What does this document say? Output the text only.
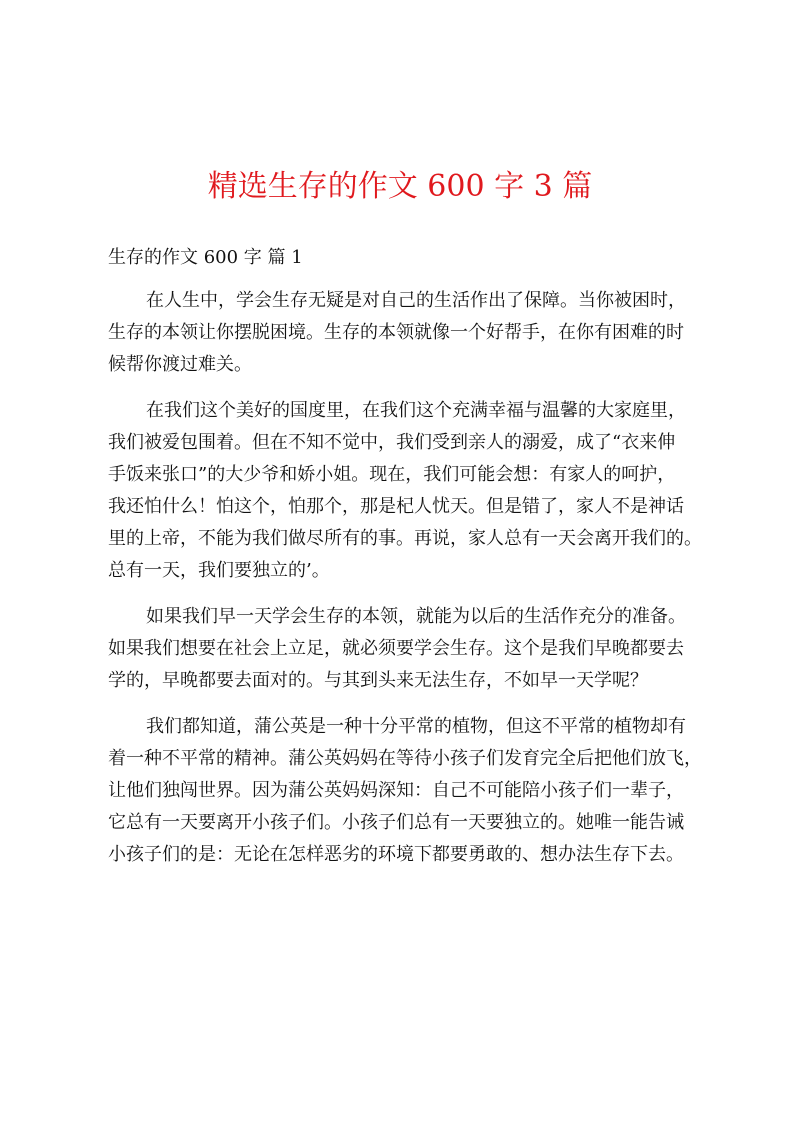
精选生存的作文 600 字 3 篇
生存的作文 600 字 篇 1
在人生中，学会生存无疑是对自己的生活作出了保障。当你被困时，
生存的本领让你摆脱困境。生存的本领就像一个好帮手，在你有困难的时
候帮你渡过难关。
在我们这个美好的国度里，在我们这个充满幸福与温馨的大家庭里，
我们被爱包围着。但在不知不觉中，我们受到亲人的溺爱，成了“衣来伸
手饭来张口”的大少爷和娇小姐。现在，我们可能会想：有家人的呵护，
我还怕什么！怕这个，怕那个，那是杞人忧天。但是错了，家人不是神话
里的上帝，不能为我们做尽所有的事。再说，家人总有一天会离开我们的。
总有一天，我们要独立的’。
如果我们早一天学会生存的本领，就能为以后的生活作充分的准备。
如果我们想要在社会上立足，就必须要学会生存。这个是我们早晚都要去
学的，早晚都要去面对的。与其到头来无法生存，不如早一天学呢？
我们都知道，蒲公英是一种十分平常的植物，但这不平常的植物却有
着一种不平常的精神。蒲公英妈妈在等待小孩子们发育完全后把他们放飞，
让他们独闯世界。因为蒲公英妈妈深知：自己不可能陪小孩子们一辈子，
它总有一天要离开小孩子们。小孩子们总有一天要独立的。她唯一能告诫
小孩子们的是：无论在怎样恶劣的环境下都要勇敢的、想办法生存下去。
